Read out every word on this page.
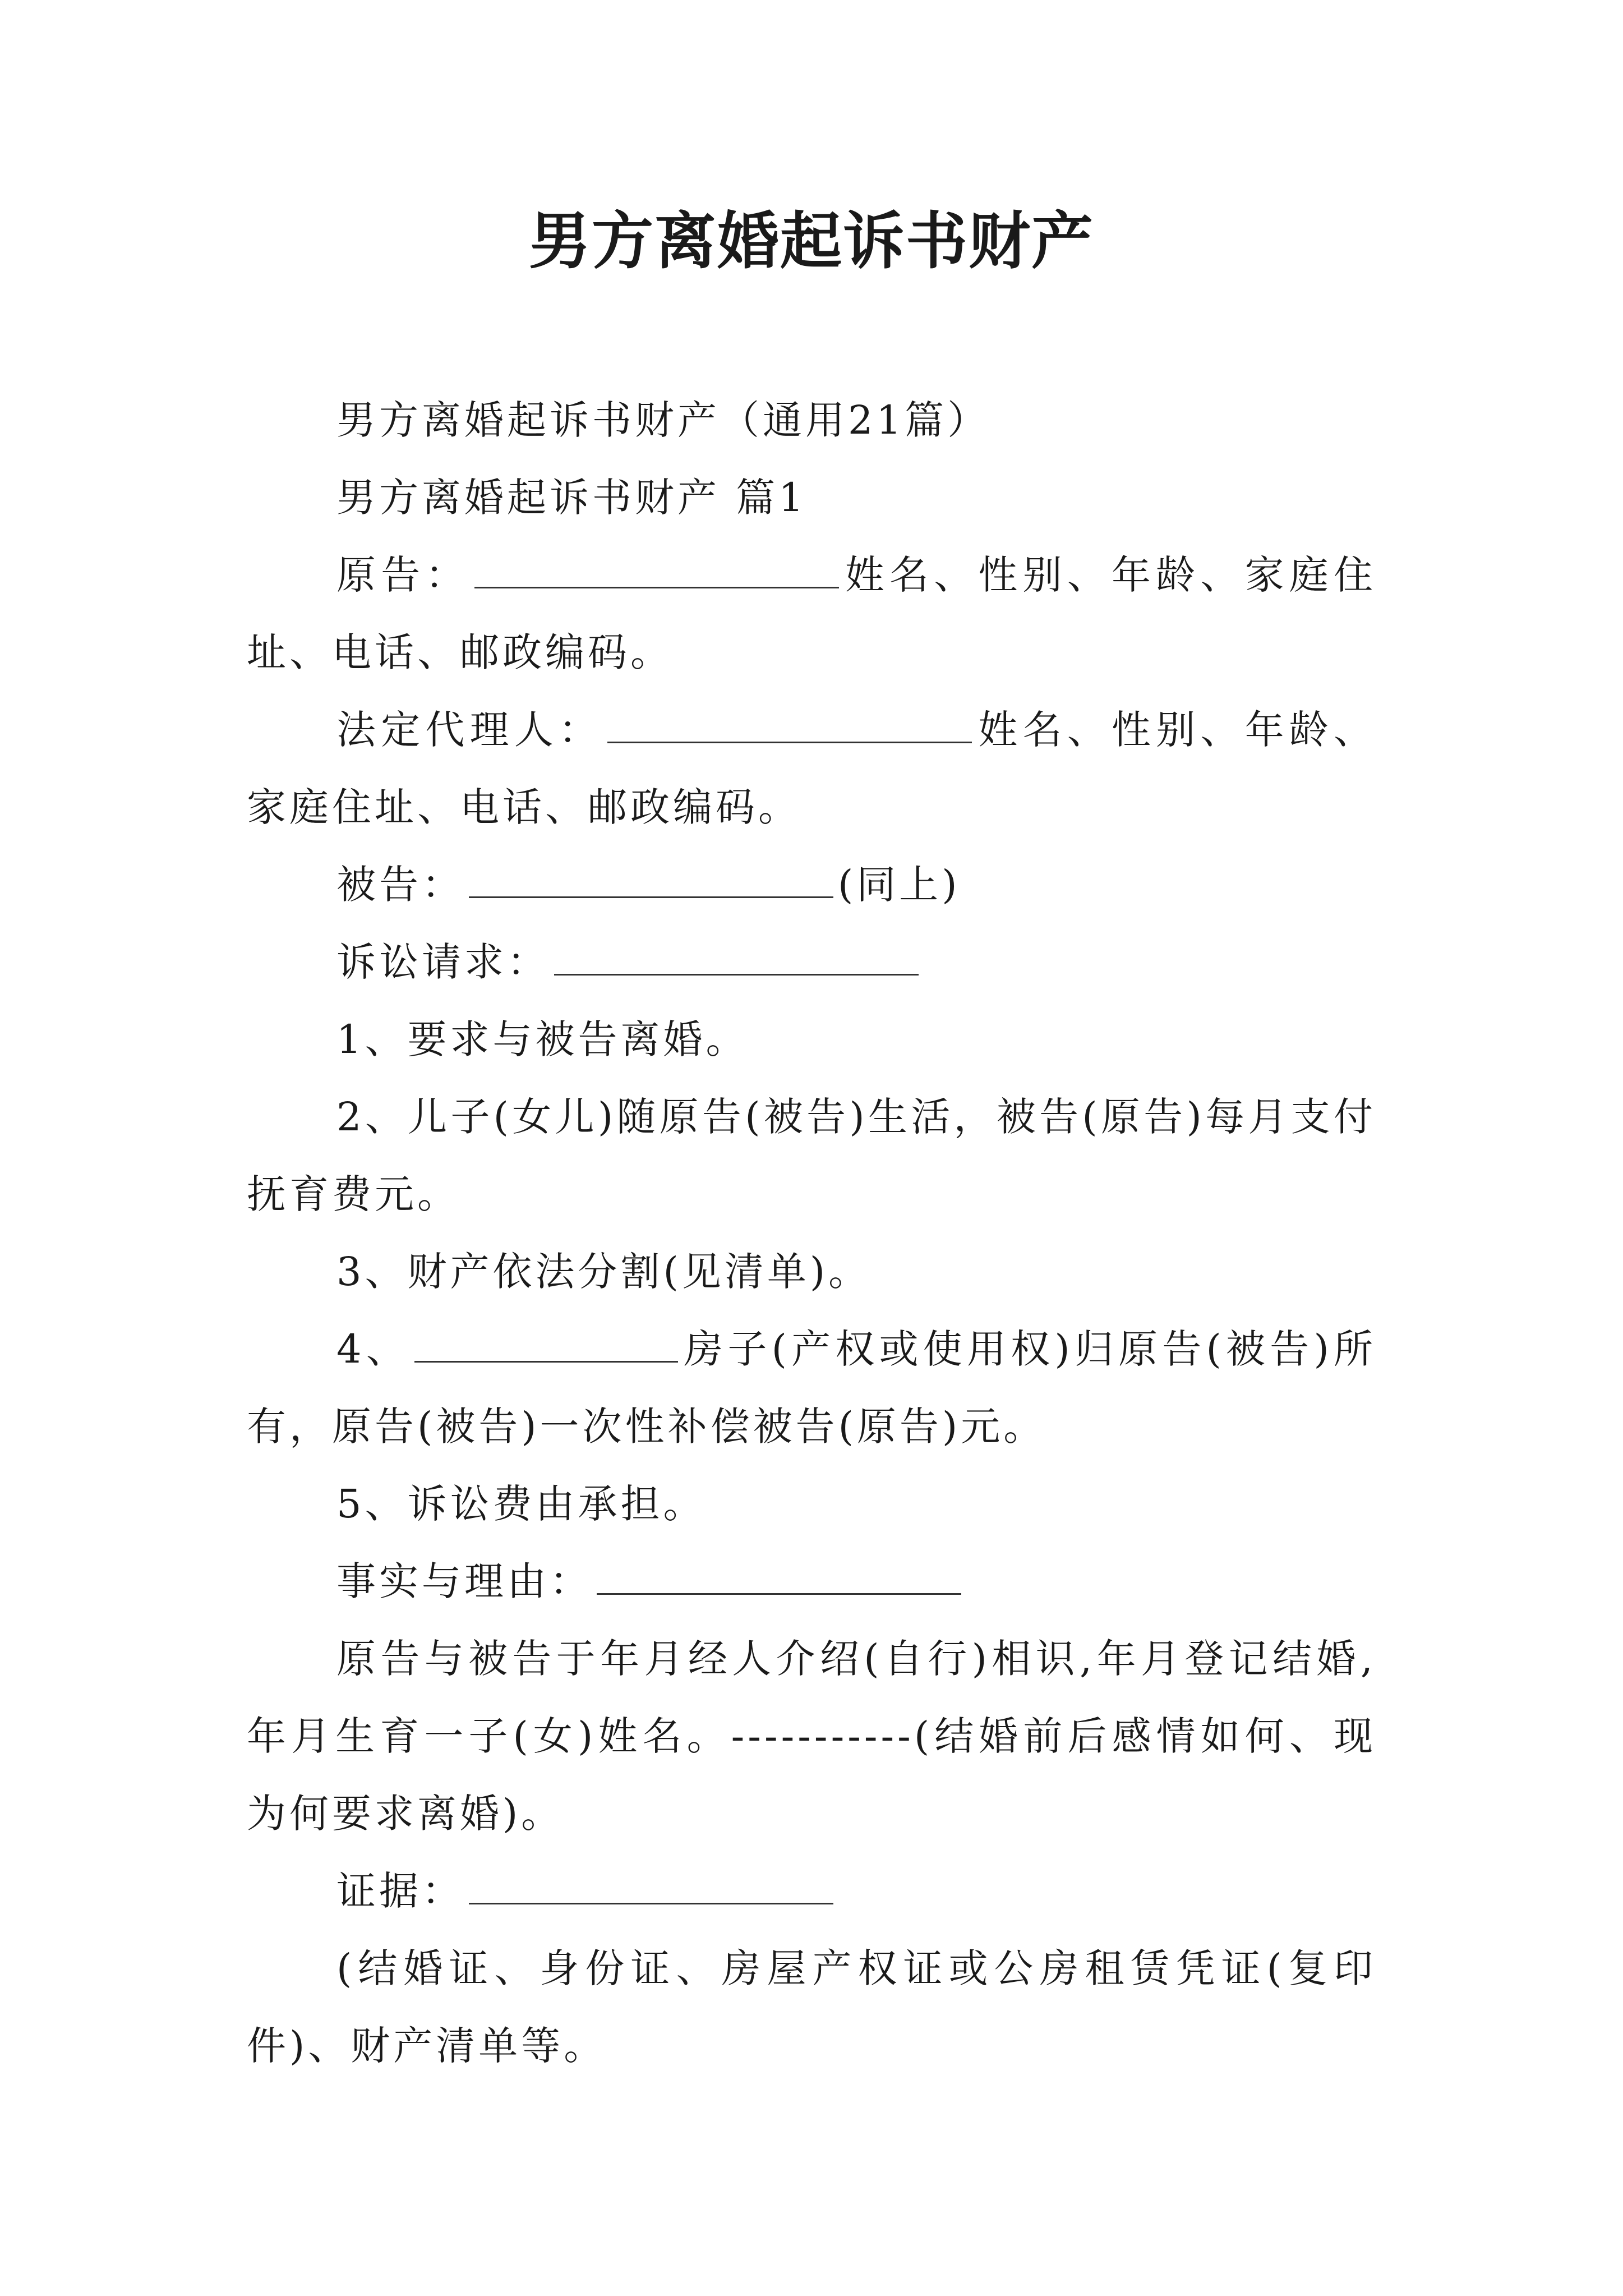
男方离婚起诉书财产

男方离婚起诉书财产（通用21篇）

男方离婚起诉书财产 篇1

原告：	姓名、性别、年龄、家庭住址、电话、邮政编码。

法定代理人：	姓名、性别、年龄、家庭住址、电话、邮政编码。

被告：	(同上)

诉讼请求：

1、要求与被告离婚。

2、儿子(女儿)随原告(被告)生活，被告(原告)每月支付抚育费元。

3、财产依法分割(见清单)。

4、	房子(产权或使用权)归原告(被告)所有，原告(被告)一次性补偿被告(原告)元。

5、诉讼费由承担。

事实与理由：

原告与被告于年月经人介绍(自行)相识,年月登记结婚,年月生育一子(女)姓名。-----------(结婚前后感情如何、现为何要求离婚)。

证据：

(结婚证、身份证、房屋产权证或公房租赁凭证(复印件)、财产清单等。
